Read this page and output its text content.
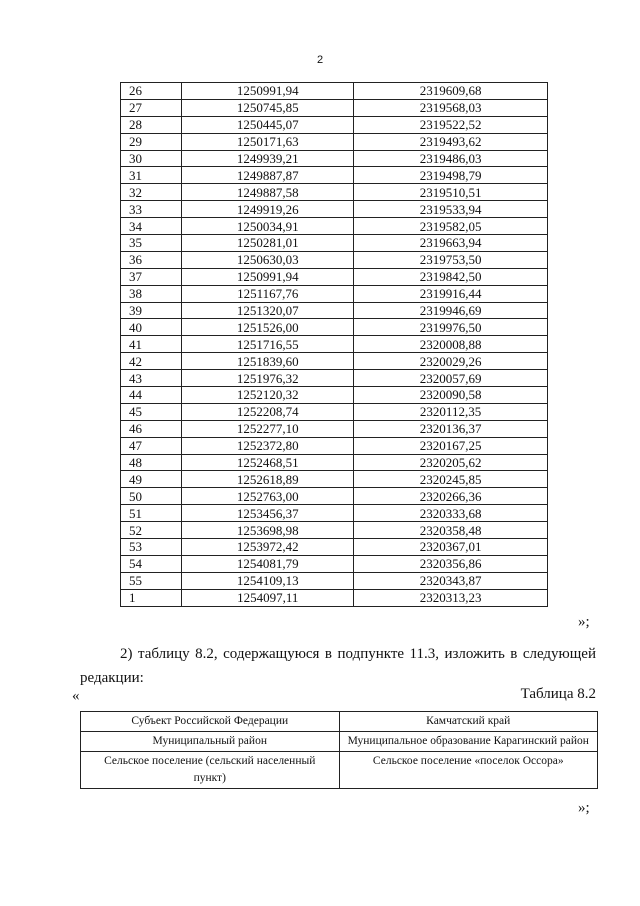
2
26	1250991,94	2319609,68
27	1250745,85	2319568,03
28	1250445,07	2319522,52
29	1250171,63	2319493,62
30	1249939,21	2319486,03
31	1249887,87	2319498,79
32	1249887,58	2319510,51
33	1249919,26	2319533,94
34	1250034,91	2319582,05
35	1250281,01	2319663,94
36	1250630,03	2319753,50
37	1250991,94	2319842,50
38	1251167,76	2319916,44
39	1251320,07	2319946,69
40	1251526,00	2319976,50
41	1251716,55	2320008,88
42	1251839,60	2320029,26
43	1251976,32	2320057,69
44	1252120,32	2320090,58
45	1252208,74	2320112,35
46	1252277,10	2320136,37
47	1252372,80	2320167,25
48	1252468,51	2320205,62
49	1252618,89	2320245,85
50	1252763,00	2320266,36
51	1253456,37	2320333,68
52	1253698,98	2320358,48
53	1253972,42	2320367,01
54	1254081,79	2320356,86
55	1254109,13	2320343,87
1	1254097,11	2320313,23
»;
2) таблицу 8.2, содержащуюся в подпункте 11.3, изложить в следующей редакции:
«	Таблица 8.2
Субъект Российской Федерации	Камчатский край
Муниципальный район	Муниципальное образование Карагинский район
Сельское поселение (сельский населенный пункт)	Сельское поселение «поселок Оссора»
»;
